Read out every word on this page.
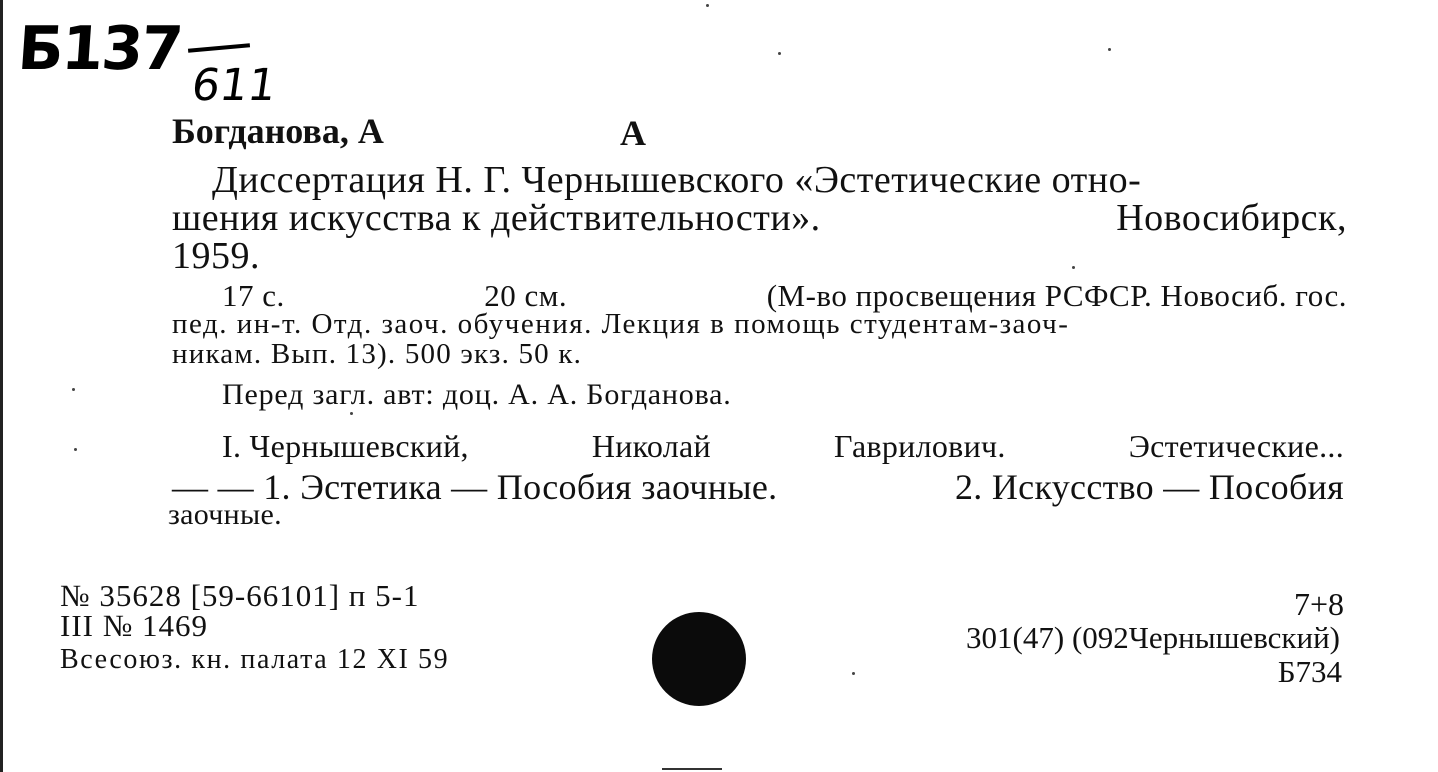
Б137
611
Богданова, А	А
Диссертация Н. Г. Чернышевского «Эстетические отно-
шения искусства к действительности».	Новосибирск,
1959.
17 с.	20 см.	(М-во просвещения РСФСР. Новосиб. гос.
пед. ин-т. Отд. заоч. обучения. Лекция в помощь студентам-заоч-
никам. Вып. 13). 500 экз. 50 к.
Перед загл. авт: доц. А. А. Богданова.
I. Чернышевский,	Николай	Гаврилович.	Эстетические...
— — 1. Эстетика — Пособия заочные.	2. Искусство — Пособия
заочные.
№ 35628 [59-66101] п 5-1
III № 1469
Всесоюз. кн. палата 12 XI 59
7+8
301(47) (092Чернышевский)
Б734
